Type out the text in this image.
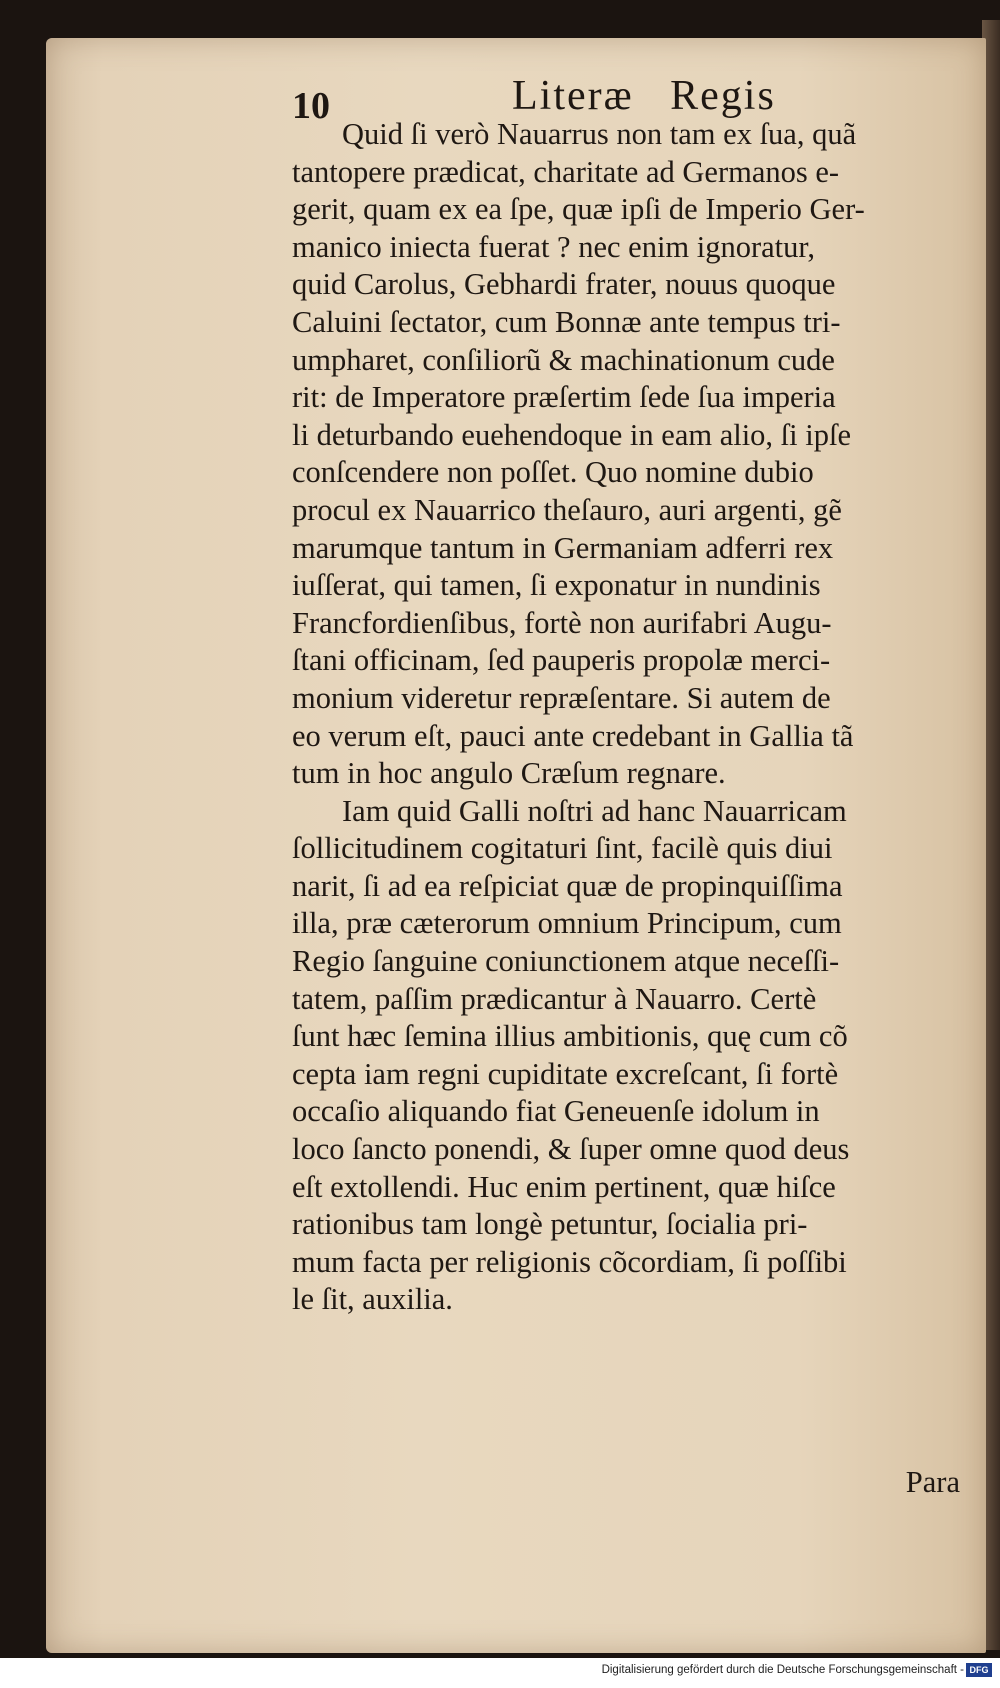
10	Literæ Regis
Quid ſi verò Nauarrus non tam ex ſua, quã
tantopere prædicat, charitate ad Germanos e-
gerit, quam ex ea ſpe, quæ ipſi de Imperio Ger-
manico iniecta fuerat ? nec enim ignoratur,
quid Carolus, Gebhardi frater, nouus quoque
Caluini ſectator, cum Bonnæ ante tempus tri-
umpharet, conſiliorũ & machinationum cude
rit: de Imperatore præſertim ſede ſua imperia
li deturbando euehendoque in eam alio, ſi ipſe
conſcendere non poſſet. Quo nomine dubio
procul ex Nauarrico theſauro, auri argenti, gẽ
marumque tantum in Germaniam adferri rex
iuſſerat, qui tamen, ſi exponatur in nundinis
Francfordienſibus, fortè non aurifabri Augu-
ſtani officinam, ſed pauperis propolæ merci-
monium videretur repræſentare. Si autem de
eo verum eſt, pauci ante credebant in Gallia tã
tum in hoc angulo Cræſum regnare.
Iam quid Galli noſtri ad hanc Nauarricam
ſollicitudinem cogitaturi ſint, facilè quis diui
narit, ſi ad ea reſpiciat quæ de propinquiſſima
illa, præ cæterorum omnium Principum, cum
Regio ſanguine coniunctionem atque neceſſi-
tatem, paſſim prædicantur à Nauarro. Certè
ſunt hæc ſemina illius ambitionis, quę cum cõ
cepta iam regni cupiditate excreſcant, ſi fortè
occaſio aliquando fiat Geneuenſe idolum in
loco ſancto ponendi, & ſuper omne quod deus
eſt extollendi. Huc enim pertinent, quæ hiſce
rationibus tam longè petuntur, ſocialia pri-
mum facta per religionis cõcordiam, ſi poſſibi
le ſit, auxilia.
Para
Digitalisierung gefördert durch die Deutsche Forschungsgemeinschaft - DFG
